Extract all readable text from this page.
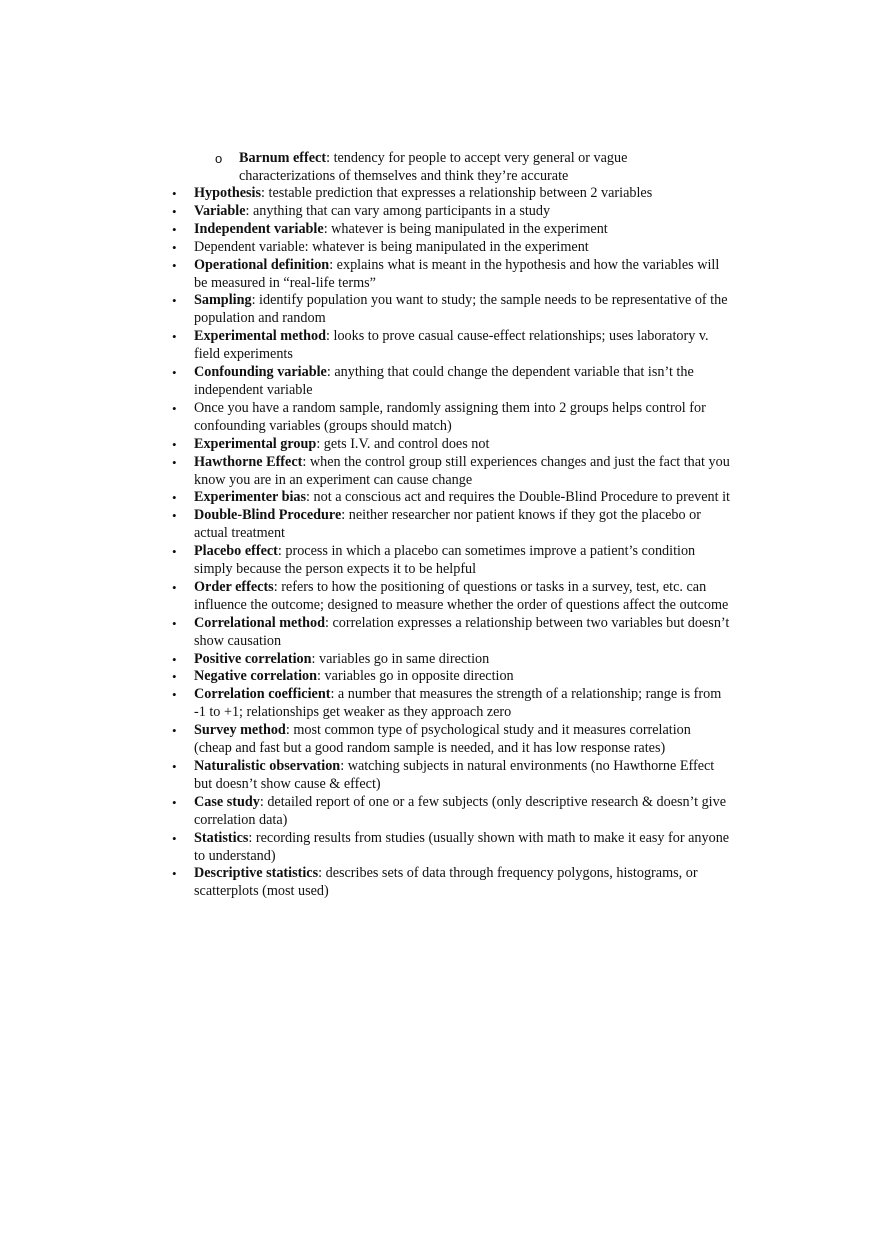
o Barnum effect: tendency for people to accept very general or vague characterizations of themselves and think they’re accurate
• Hypothesis: testable prediction that expresses a relationship between 2 variables
• Variable: anything that can vary among participants in a study
• Independent variable: whatever is being manipulated in the experiment
• Dependent variable: whatever is being manipulated in the experiment
• Operational definition: explains what is meant in the hypothesis and how the variables will be measured in “real-life terms”
• Sampling: identify population you want to study; the sample needs to be representative of the population and random
• Experimental method: looks to prove casual cause-effect relationships; uses laboratory v. field experiments
• Confounding variable: anything that could change the dependent variable that isn’t the independent variable
• Once you have a random sample, randomly assigning them into 2 groups helps control for confounding variables (groups should match)
• Experimental group: gets I.V. and control does not
• Hawthorne Effect: when the control group still experiences changes and just the fact that you know you are in an experiment can cause change
• Experimenter bias: not a conscious act and requires the Double-Blind Procedure to prevent it
• Double-Blind Procedure: neither researcher nor patient knows if they got the placebo or actual treatment
• Placebo effect: process in which a placebo can sometimes improve a patient’s condition simply because the person expects it to be helpful
• Order effects: refers to how the positioning of questions or tasks in a survey, test, etc. can influence the outcome; designed to measure whether the order of questions affect the outcome
• Correlational method: correlation expresses a relationship between two variables but doesn’t show causation
• Positive correlation: variables go in same direction
• Negative correlation: variables go in opposite direction
• Correlation coefficient: a number that measures the strength of a relationship; range is from -1 to +1; relationships get weaker as they approach zero
• Survey method: most common type of psychological study and it measures correlation (cheap and fast but a good random sample is needed, and it has low response rates)
• Naturalistic observation: watching subjects in natural environments (no Hawthorne Effect but doesn’t show cause & effect)
• Case study: detailed report of one or a few subjects (only descriptive research & doesn’t give correlation data)
• Statistics: recording results from studies (usually shown with math to make it easy for anyone to understand)
• Descriptive statistics: describes sets of data through frequency polygons, histograms, or scatterplots (most used)
